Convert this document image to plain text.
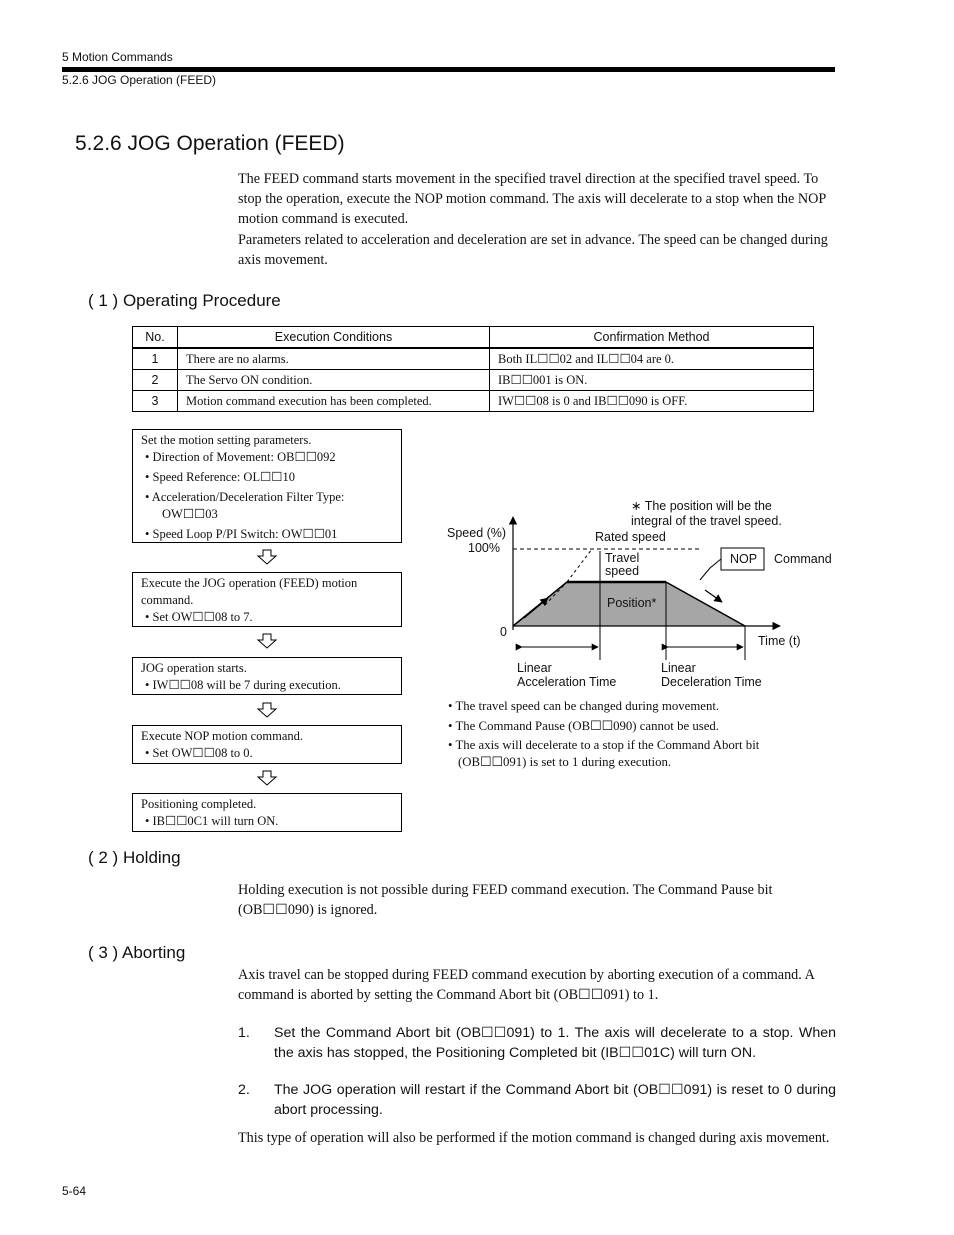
5 Motion Commands
5.2.6 JOG Operation (FEED)
5.2.6 JOG Operation (FEED)
The FEED command starts movement in the specified travel direction at the specified travel speed. To stop the operation, execute the NOP motion command. The axis will decelerate to a stop when the NOP motion command is executed.
Parameters related to acceleration and deceleration are set in advance. The speed can be changed during axis movement.
( 1 ) Operating Procedure
No.	Execution Conditions	Confirmation Method
1	There are no alarms.	Both IL☐☐02 and IL☐☐04 are 0.
2	The Servo ON condition.	IB☐☐001 is ON.
3	Motion command execution has been completed.	IW☐☐08 is 0 and IB☐☐090 is OFF.
Set the motion setting parameters.
• Direction of Movement: OB☐☐092
• Speed Reference: OL☐☐10
• Acceleration/Deceleration Filter Type:
OW☐☐03
• Speed Loop P/PI Switch: OW☐☐01
Execute the JOG operation (FEED) motion command.
• Set OW☐☐08 to 7.
JOG operation starts.
• IW☐☐08 will be 7 during execution.
Execute NOP motion command.
• Set OW☐☐08 to 0.
Positioning completed.
• IB☐☐0C1 will turn ON.
∗ The position will be the
integral of the travel speed.
Speed (%)
100%
Rated speed
Travel
speed
NOP Command
Position*
0
Time (t)
Linear
Acceleration Time
Linear
Deceleration Time
• The travel speed can be changed during movement.
• The Command Pause (OB☐☐090) cannot be used.
• The axis will decelerate to a stop if the Command Abort bit
(OB☐☐091) is set to 1 during execution.
( 2 ) Holding
Holding execution is not possible during FEED command execution. The Command Pause bit (OB☐☐090) is ignored.
( 3 ) Aborting
Axis travel can be stopped during FEED command execution by aborting execution of a command. A command is aborted by setting the Command Abort bit (OB☐☐091) to 1.
1. Set the Command Abort bit (OB☐☐091) to 1. The axis will decelerate to a stop. When the axis has stopped, the Positioning Completed bit (IB☐☐01C) will turn ON.
2. The JOG operation will restart if the Command Abort bit (OB☐☐091) is reset to 0 during abort processing.
This type of operation will also be performed if the motion command is changed during axis movement.
5-64
